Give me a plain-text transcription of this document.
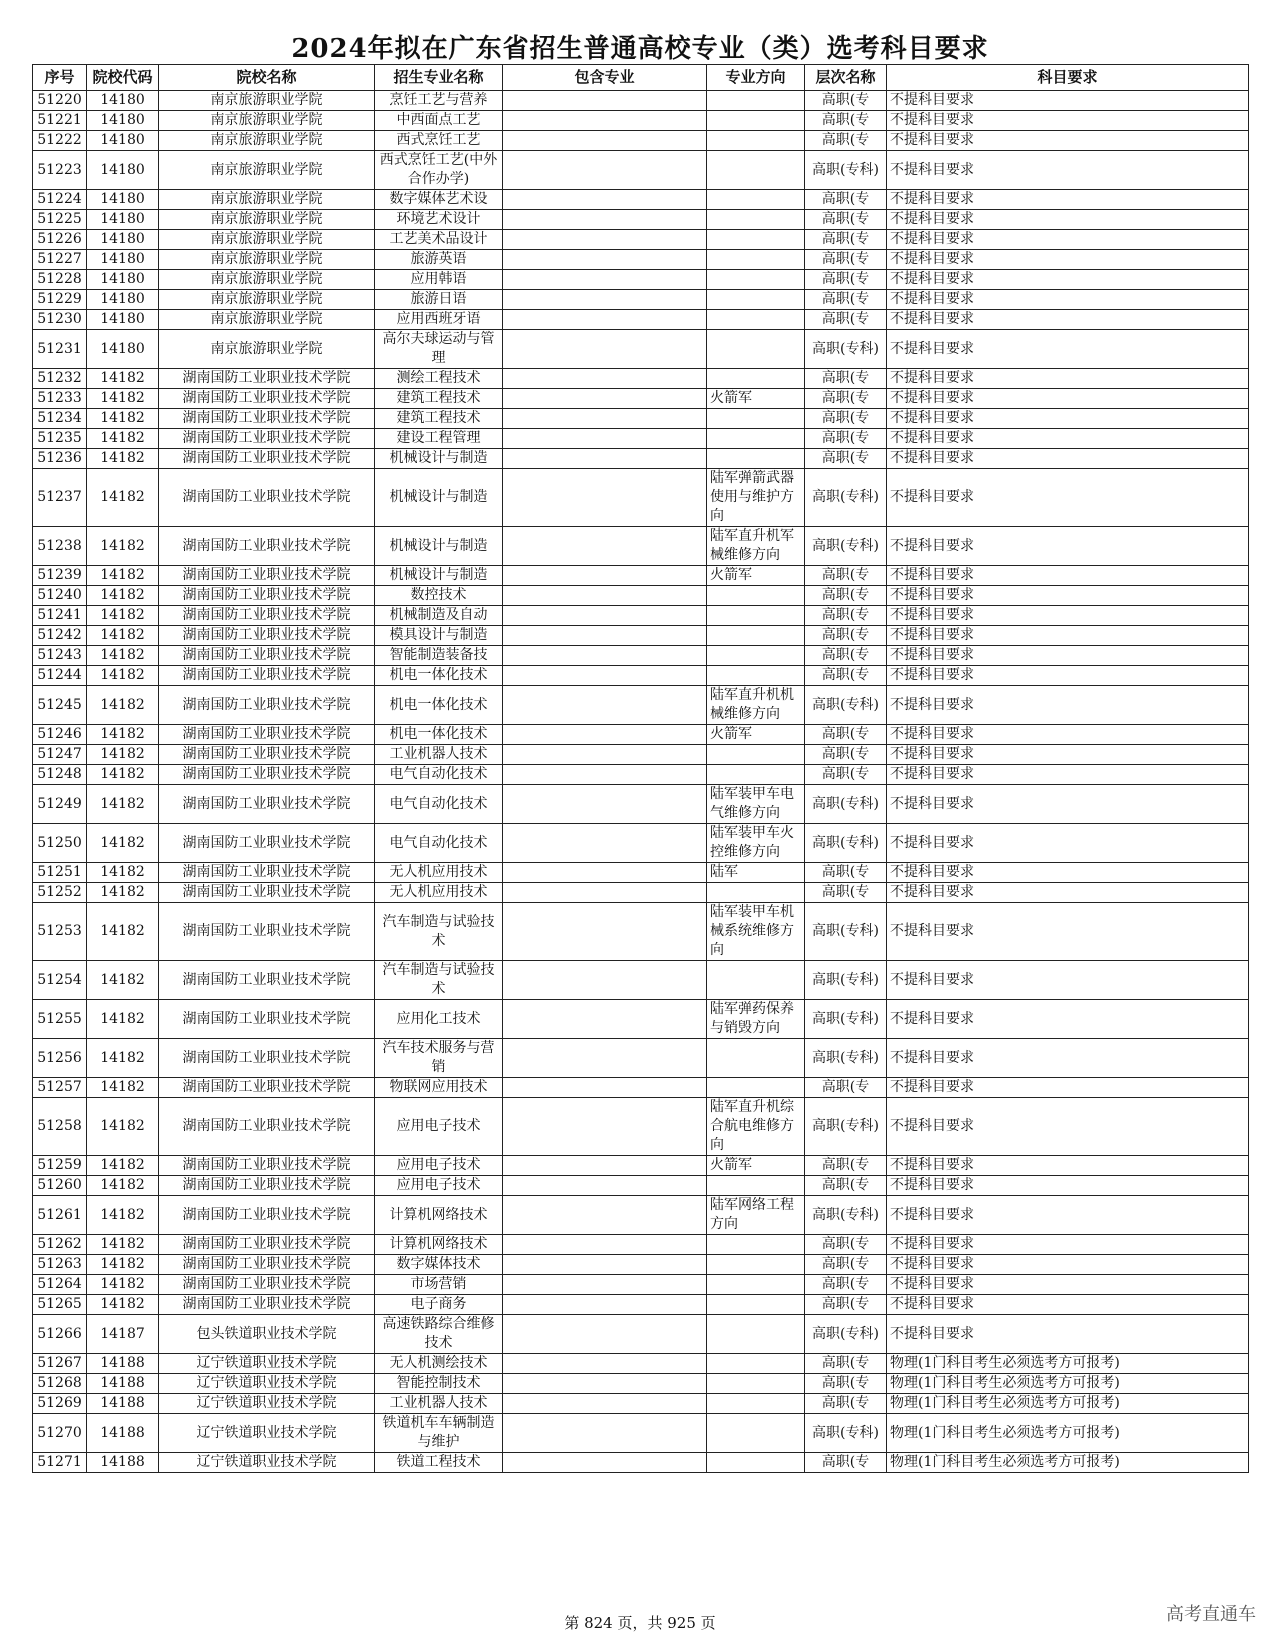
2024年拟在广东省招生普通高校专业（类）选考科目要求
序号	院校代码	院校名称	招生专业名称	包含专业	专业方向	层次名称	科目要求
51220	14180	南京旅游职业学院	烹饪工艺与营养			高职(专	不提科目要求
51221	14180	南京旅游职业学院	中西面点工艺			高职(专	不提科目要求
51222	14180	南京旅游职业学院	西式烹饪工艺			高职(专	不提科目要求
51223	14180	南京旅游职业学院	西式烹饪工艺(中外合作办学)			高职(专科)	不提科目要求
51224	14180	南京旅游职业学院	数字媒体艺术设			高职(专	不提科目要求
51225	14180	南京旅游职业学院	环境艺术设计			高职(专	不提科目要求
51226	14180	南京旅游职业学院	工艺美术品设计			高职(专	不提科目要求
51227	14180	南京旅游职业学院	旅游英语			高职(专	不提科目要求
51228	14180	南京旅游职业学院	应用韩语			高职(专	不提科目要求
51229	14180	南京旅游职业学院	旅游日语			高职(专	不提科目要求
51230	14180	南京旅游职业学院	应用西班牙语			高职(专	不提科目要求
51231	14180	南京旅游职业学院	高尔夫球运动与管理			高职(专科)	不提科目要求
51232	14182	湖南国防工业职业技术学院	测绘工程技术			高职(专	不提科目要求
51233	14182	湖南国防工业职业技术学院	建筑工程技术		火箭军	高职(专	不提科目要求
51234	14182	湖南国防工业职业技术学院	建筑工程技术			高职(专	不提科目要求
51235	14182	湖南国防工业职业技术学院	建设工程管理			高职(专	不提科目要求
51236	14182	湖南国防工业职业技术学院	机械设计与制造			高职(专	不提科目要求
51237	14182	湖南国防工业职业技术学院	机械设计与制造		陆军弹箭武器使用与维护方向	高职(专科)	不提科目要求
51238	14182	湖南国防工业职业技术学院	机械设计与制造		陆军直升机军械维修方向	高职(专科)	不提科目要求
51239	14182	湖南国防工业职业技术学院	机械设计与制造		火箭军	高职(专	不提科目要求
51240	14182	湖南国防工业职业技术学院	数控技术			高职(专	不提科目要求
51241	14182	湖南国防工业职业技术学院	机械制造及自动			高职(专	不提科目要求
51242	14182	湖南国防工业职业技术学院	模具设计与制造			高职(专	不提科目要求
51243	14182	湖南国防工业职业技术学院	智能制造装备技			高职(专	不提科目要求
51244	14182	湖南国防工业职业技术学院	机电一体化技术			高职(专	不提科目要求
51245	14182	湖南国防工业职业技术学院	机电一体化技术		陆军直升机机械维修方向	高职(专科)	不提科目要求
51246	14182	湖南国防工业职业技术学院	机电一体化技术		火箭军	高职(专	不提科目要求
51247	14182	湖南国防工业职业技术学院	工业机器人技术			高职(专	不提科目要求
51248	14182	湖南国防工业职业技术学院	电气自动化技术			高职(专	不提科目要求
51249	14182	湖南国防工业职业技术学院	电气自动化技术		陆军装甲车电气维修方向	高职(专科)	不提科目要求
51250	14182	湖南国防工业职业技术学院	电气自动化技术		陆军装甲车火控维修方向	高职(专科)	不提科目要求
51251	14182	湖南国防工业职业技术学院	无人机应用技术		陆军	高职(专	不提科目要求
51252	14182	湖南国防工业职业技术学院	无人机应用技术			高职(专	不提科目要求
51253	14182	湖南国防工业职业技术学院	汽车制造与试验技术		陆军装甲车机械系统维修方向	高职(专科)	不提科目要求
51254	14182	湖南国防工业职业技术学院	汽车制造与试验技术			高职(专科)	不提科目要求
51255	14182	湖南国防工业职业技术学院	应用化工技术		陆军弹药保养与销毁方向	高职(专科)	不提科目要求
51256	14182	湖南国防工业职业技术学院	汽车技术服务与营销			高职(专科)	不提科目要求
51257	14182	湖南国防工业职业技术学院	物联网应用技术			高职(专	不提科目要求
51258	14182	湖南国防工业职业技术学院	应用电子技术		陆军直升机综合航电维修方向	高职(专科)	不提科目要求
51259	14182	湖南国防工业职业技术学院	应用电子技术		火箭军	高职(专	不提科目要求
51260	14182	湖南国防工业职业技术学院	应用电子技术			高职(专	不提科目要求
51261	14182	湖南国防工业职业技术学院	计算机网络技术		陆军网络工程方向	高职(专科)	不提科目要求
51262	14182	湖南国防工业职业技术学院	计算机网络技术			高职(专	不提科目要求
51263	14182	湖南国防工业职业技术学院	数字媒体技术			高职(专	不提科目要求
51264	14182	湖南国防工业职业技术学院	市场营销			高职(专	不提科目要求
51265	14182	湖南国防工业职业技术学院	电子商务			高职(专	不提科目要求
51266	14187	包头铁道职业技术学院	高速铁路综合维修技术			高职(专科)	不提科目要求
51267	14188	辽宁铁道职业技术学院	无人机测绘技术			高职(专	物理(1门科目考生必须选考方可报考)
51268	14188	辽宁铁道职业技术学院	智能控制技术			高职(专	物理(1门科目考生必须选考方可报考)
51269	14188	辽宁铁道职业技术学院	工业机器人技术			高职(专	物理(1门科目考生必须选考方可报考)
51270	14188	辽宁铁道职业技术学院	铁道机车车辆制造与维护			高职(专科)	物理(1门科目考生必须选考方可报考)
51271	14188	辽宁铁道职业技术学院	铁道工程技术			高职(专	物理(1门科目考生必须选考方可报考)
第 824 页，共 925 页	高考直通车
